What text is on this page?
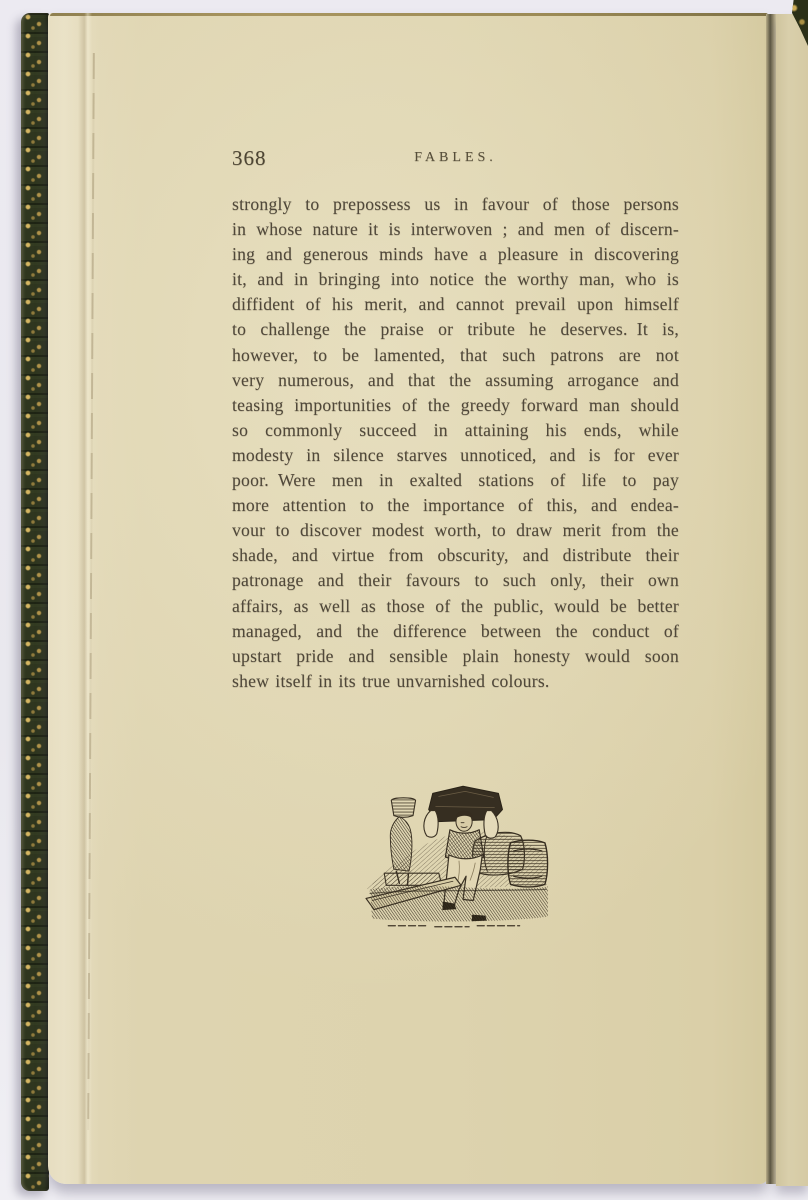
368	FABLES.
strongly to prepossess us in favour of those persons
in whose nature it is interwoven ; and men of discern-
ing and generous minds have a pleasure in discovering
it, and in bringing into notice the worthy man, who is
diffident of his merit, and cannot prevail upon himself
to challenge the praise or tribute he deserves. It is,
however, to be lamented, that such patrons are not
very numerous, and that the assuming arrogance and
teasing importunities of the greedy forward man should
so commonly succeed in attaining his ends, while
modesty in silence starves unnoticed, and is for ever
poor. Were men in exalted stations of life to pay
more attention to the importance of this, and endea-
vour to discover modest worth, to draw merit from the
shade, and virtue from obscurity, and distribute their
patronage and their favours to such only, their own
affairs, as well as those of the public, would be better
managed, and the difference between the conduct of
upstart pride and sensible plain honesty would soon
shew itself in its true unvarnished colours.
